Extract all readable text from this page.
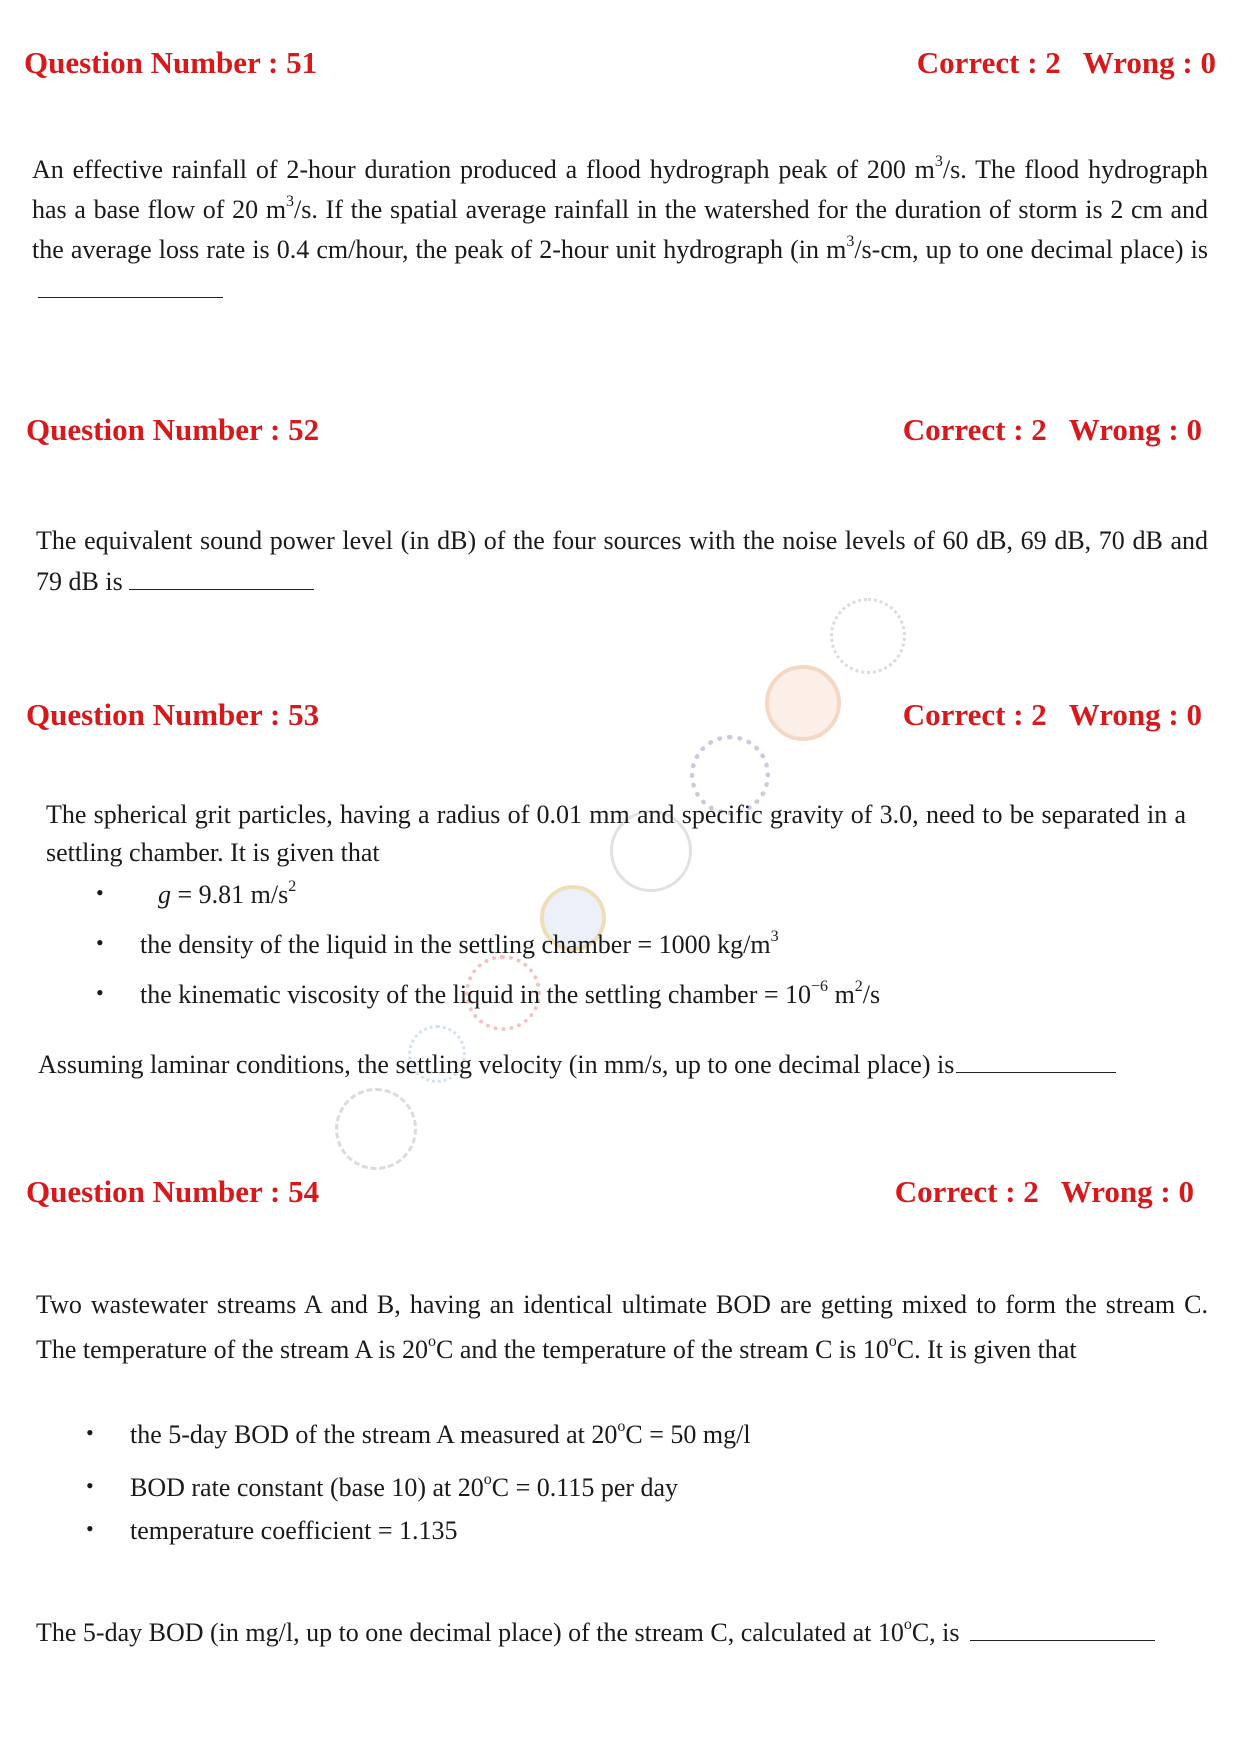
Question Number : 51	Correct : 2 Wrong : 0
An effective rainfall of 2-hour duration produced a flood hydrograph peak of 200 $m^3/s$. The flood hydrograph has a base flow of 20 $m^3/s$. If the spatial average rainfall in the watershed for the duration of storm is 2 cm and the average loss rate is 0.4 cm/hour, the peak of 2-hour unit hydrograph (in $m^3/s-cm$, up to one decimal place) is
Question Number : 52	Correct : 2 Wrong : 0
The equivalent sound power level (in dB) of the four sources with the noise levels of 60 dB, 69 dB, 70 dB and 79 dB is
Question Number : 53	Correct : 2 Wrong : 0
The spherical grit particles, having a radius of 0.01 mm and specific gravity of 3.0, need to be separated in a settling chamber. It is given that
• g = 9.81 $m/s^2$
• the density of the liquid in the settling chamber = 1000 $kg/m^3$
• the kinematic viscosity of the liquid in the settling chamber = $10^{-6}$ $m^2/s$
Assuming laminar conditions, the settling velocity (in mm/s, up to one decimal place) is
Question Number : 54	Correct : 2 Wrong : 0
Two wastewater streams A and B, having an identical ultimate BOD are getting mixed to form the stream C. The temperature of the stream A is 20$^o$C and the temperature of the stream C is 10$^o$C. It is given that
• the 5-day BOD of the stream A measured at $20^oC = 50$ mg/l
• BOD rate constant (base 10) at $20^oC = 0.115$ per day
• temperature coefficient = 1.135
The 5-day BOD (in mg/l, up to one decimal place) of the stream C, calculated at 10$^o$C, is
